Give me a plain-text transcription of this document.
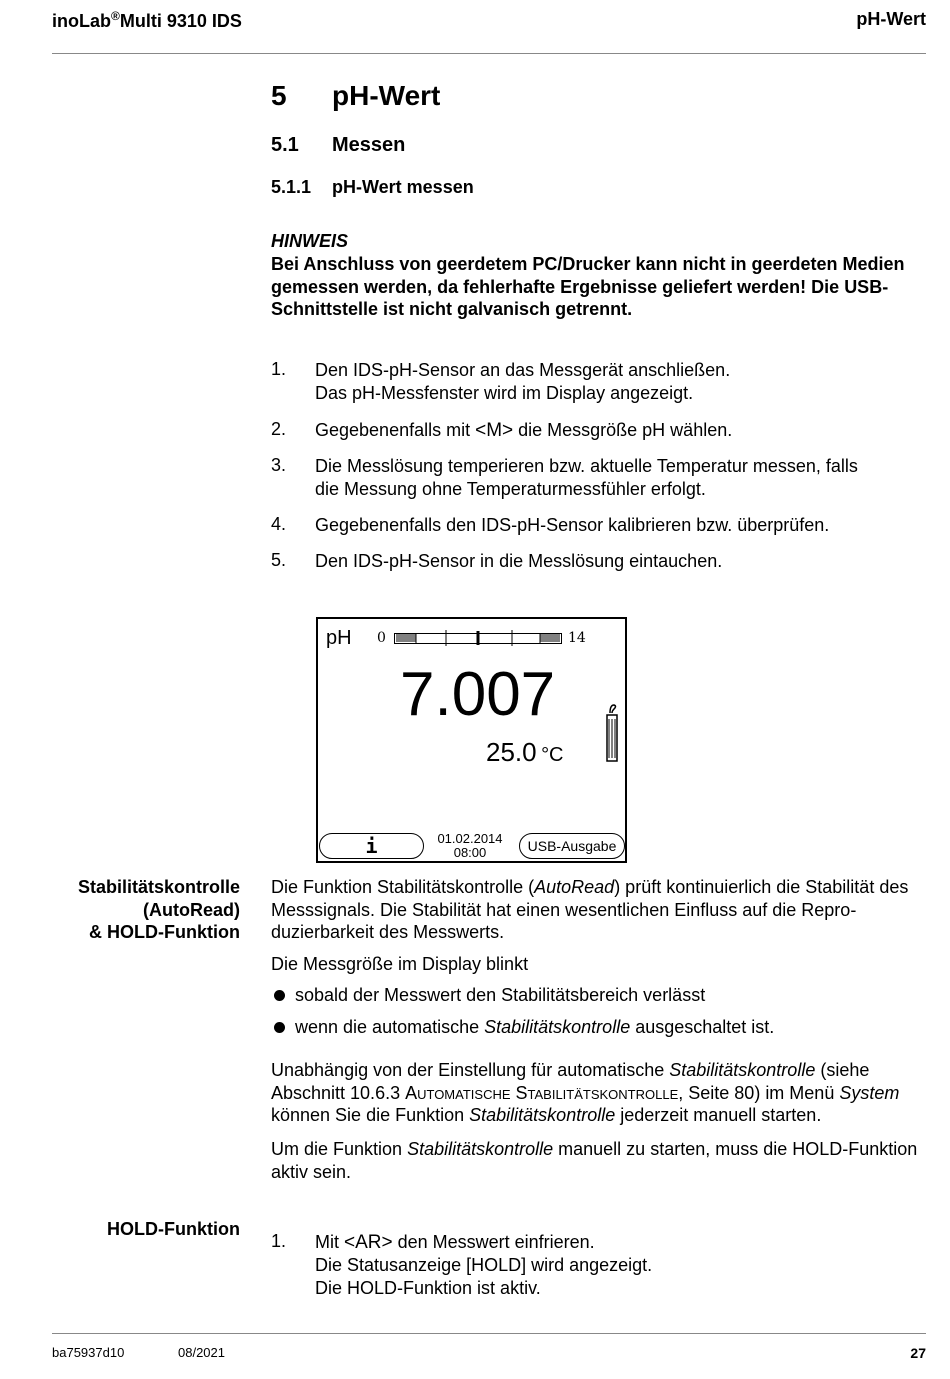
inoLab®Multi 9310 IDS	pH-Wert
5 pH-Wert
5.1 Messen
5.1.1 pH-Wert messen
HINWEIS
Bei Anschluss von geerdetem PC/Drucker kann nicht in geerdeten Medien gemessen werden, da fehlerhafte Ergebnisse geliefert werden! Die USB-Schnittstelle ist nicht galvanisch getrennt.
1. Den IDS-pH-Sensor an das Messgerät anschließen.
Das pH-Messfenster wird im Display angezeigt.
2. Gegebenenfalls mit <M> die Messgröße pH wählen.
3. Die Messlösung temperieren bzw. aktuelle Temperatur messen, falls
die Messung ohne Temperaturmessfühler erfolgt.
4. Gegebenenfalls den IDS-pH-Sensor kalibrieren bzw. überprüfen.
5. Den IDS-pH-Sensor in die Messlösung eintauchen.
pH 0	14
7.007
25.0 °C
i	01.02.2014
08:00	USB-Ausgabe
Stabilitätskontrolle
(AutoRead)
& HOLD-Funktion
Die Funktion Stabilitätskontrolle (AutoRead) prüft kontinuierlich die Stabilität des Messsignals. Die Stabilität hat einen wesentlichen Einfluss auf die Reproduzierbarkeit des Messwerts.
Die Messgröße im Display blinkt
sobald der Messwert den Stabilitätsbereich verlässt
wenn die automatische Stabilitätskontrolle ausgeschaltet ist.
Unabhängig von der Einstellung für automatische Stabilitätskontrolle (siehe Abschnitt 10.6.3 Automatische Stabilitätskontrolle, Seite 80) im Menü System können Sie die Funktion Stabilitätskontrolle jederzeit manuell starten.
Um die Funktion Stabilitätskontrolle manuell zu starten, muss die HOLD-Funktion aktiv sein.
HOLD-Funktion
1. Mit <AR> den Messwert einfrieren.
Die Statusanzeige [HOLD] wird angezeigt.
Die HOLD-Funktion ist aktiv.
ba75937d10	08/2021	27
